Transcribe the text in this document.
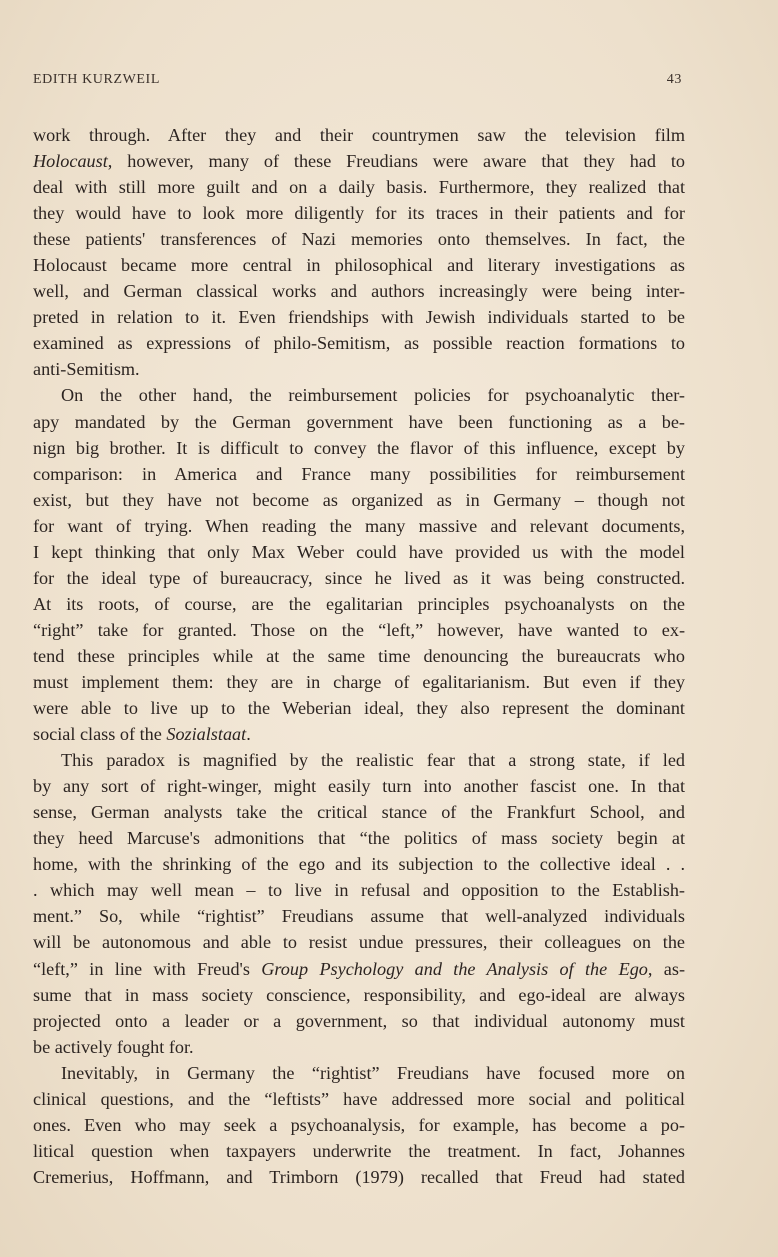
EDITH KURZWEIL	43
work through. After they and their countrymen saw the television film
Holocaust, however, many of these Freudians were aware that they had to
deal with still more guilt and on a daily basis. Furthermore, they realized that
they would have to look more diligently for its traces in their patients and for
these patients' transferences of Nazi memories onto themselves. In fact, the
Holocaust became more central in philosophical and literary investigations as
well, and German classical works and authors increasingly were being inter-
preted in relation to it. Even friendships with Jewish individuals started to be
examined as expressions of philo-Semitism, as possible reaction formations to
anti-Semitism.
On the other hand, the reimbursement policies for psychoanalytic ther-
apy mandated by the German government have been functioning as a be-
nign big brother. It is difficult to convey the flavor of this influence, except by
comparison: in America and France many possibilities for reimbursement
exist, but they have not become as organized as in Germany – though not
for want of trying. When reading the many massive and relevant documents,
I kept thinking that only Max Weber could have provided us with the model
for the ideal type of bureaucracy, since he lived as it was being constructed.
At its roots, of course, are the egalitarian principles psychoanalysts on the
“right” take for granted. Those on the “left,” however, have wanted to ex-
tend these principles while at the same time denouncing the bureaucrats who
must implement them: they are in charge of egalitarianism. But even if they
were able to live up to the Weberian ideal, they also represent the dominant
social class of the Sozialstaat.
This paradox is magnified by the realistic fear that a strong state, if led
by any sort of right-winger, might easily turn into another fascist one. In that
sense, German analysts take the critical stance of the Frankfurt School, and
they heed Marcuse's admonitions that “the politics of mass society begin at
home, with the shrinking of the ego and its subjection to the collective ideal . .
. which may well mean – to live in refusal and opposition to the Establish-
ment.” So, while “rightist” Freudians assume that well-analyzed individuals
will be autonomous and able to resist undue pressures, their colleagues on the
“left,” in line with Freud's Group Psychology and the Analysis of the Ego, as-
sume that in mass society conscience, responsibility, and ego-ideal are always
projected onto a leader or a government, so that individual autonomy must
be actively fought for.
Inevitably, in Germany the “rightist” Freudians have focused more on
clinical questions, and the “leftists” have addressed more social and political
ones. Even who may seek a psychoanalysis, for example, has become a po-
litical question when taxpayers underwrite the treatment. In fact, Johannes
Cremerius, Hoffmann, and Trimborn (1979) recalled that Freud had stated
